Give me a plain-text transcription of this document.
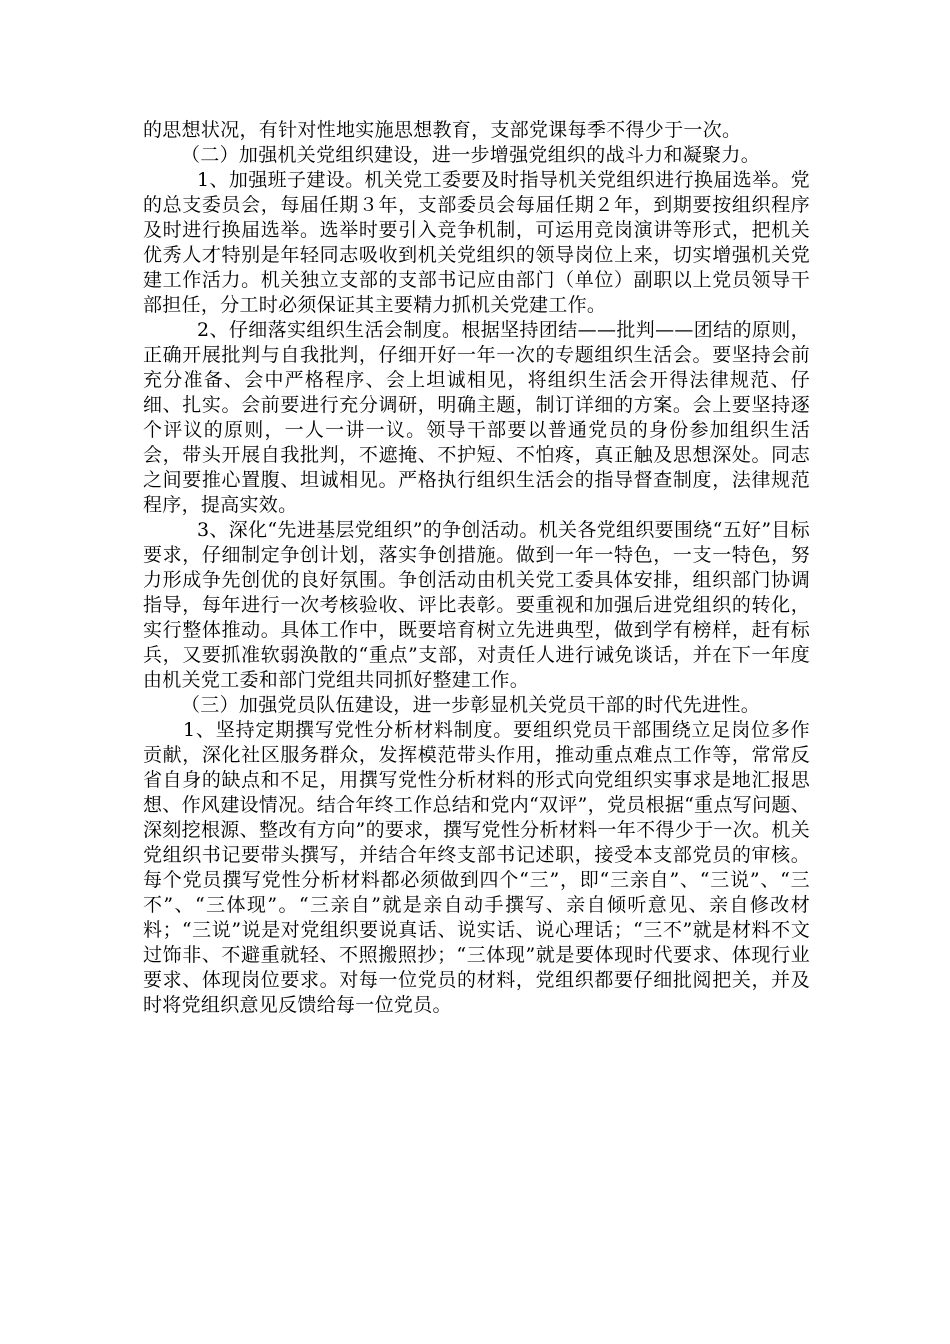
的思想状况，有针对性地实施思想教育，支部党课每季不得少于一次。

（二）加强机关党组织建设，进一步增强党组织的战斗力和凝聚力。

1、加强班子建设。机关党工委要及时指导机关党组织进行换届选举。党的总支委员会，每届任期３年，支部委员会每届任期２年，到期要按组织程序及时进行换届选举。选举时要引入竞争机制，可运用竞岗演讲等形式，把机关优秀人才特别是年轻同志吸收到机关党组织的领导岗位上来，切实增强机关党建工作活力。机关独立支部的支部书记应由部门（单位）副职以上党员领导干部担任，分工时必须保证其主要精力抓机关党建工作。

2、仔细落实组织生活会制度。根据坚持团结——批判——团结的原则，正确开展批判与自我批判，仔细开好一年一次的专题组织生活会。要坚持会前充分准备、会中严格程序、会上坦诚相见，将组织生活会开得法律规范、仔细、扎实。会前要进行充分调研，明确主题，制订详细的方案。会上要坚持逐个评议的原则，一人一讲一议。领导干部要以普通党员的身份参加组织生活会，带头开展自我批判，不遮掩、不护短、不怕疼，真正触及思想深处。同志之间要推心置腹、坦诚相见。严格执行组织生活会的指导督查制度，法律规范程序，提高实效。

3、深化“先进基层党组织”的争创活动。机关各党组织要围绕“五好”目标要求，仔细制定争创计划，落实争创措施。做到一年一特色，一支一特色，努力形成争先创优的良好氛围。争创活动由机关党工委具体安排，组织部门协调指导，每年进行一次考核验收、评比表彰。要重视和加强后进党组织的转化，实行整体推动。具体工作中，既要培育树立先进典型，做到学有榜样，赶有标兵，又要抓准软弱涣散的“重点”支部，对责任人进行诫免谈话，并在下一年度由机关党工委和部门党组共同抓好整建工作。

（三）加强党员队伍建设，进一步彰显机关党员干部的时代先进性。

1、坚持定期撰写党性分析材料制度。要组织党员干部围绕立足岗位多作贡献，深化社区服务群众，发挥模范带头作用，推动重点难点工作等，常常反省自身的缺点和不足，用撰写党性分析材料的形式向党组织实事求是地汇报思想、作风建设情况。结合年终工作总结和党内“双评”，党员根据“重点写问题、深刻挖根源、整改有方向”的要求，撰写党性分析材料一年不得少于一次。机关党组织书记要带头撰写，并结合年终支部书记述职，接受本支部党员的审核。每个党员撰写党性分析材料都必须做到四个“三”，即“三亲自”、“三说”、“三不”、“三体现”。“三亲自”就是亲自动手撰写、亲自倾听意见、亲自修改材料；“三说”说是对党组织要说真话、说实话、说心理话；“三不”就是材料不文过饰非、不避重就轻、不照搬照抄；“三体现”就是要体现时代要求、体现行业要求、体现岗位要求。对每一位党员的材料，党组织都要仔细批阅把关，并及时将党组织意见反馈给每一位党员。
